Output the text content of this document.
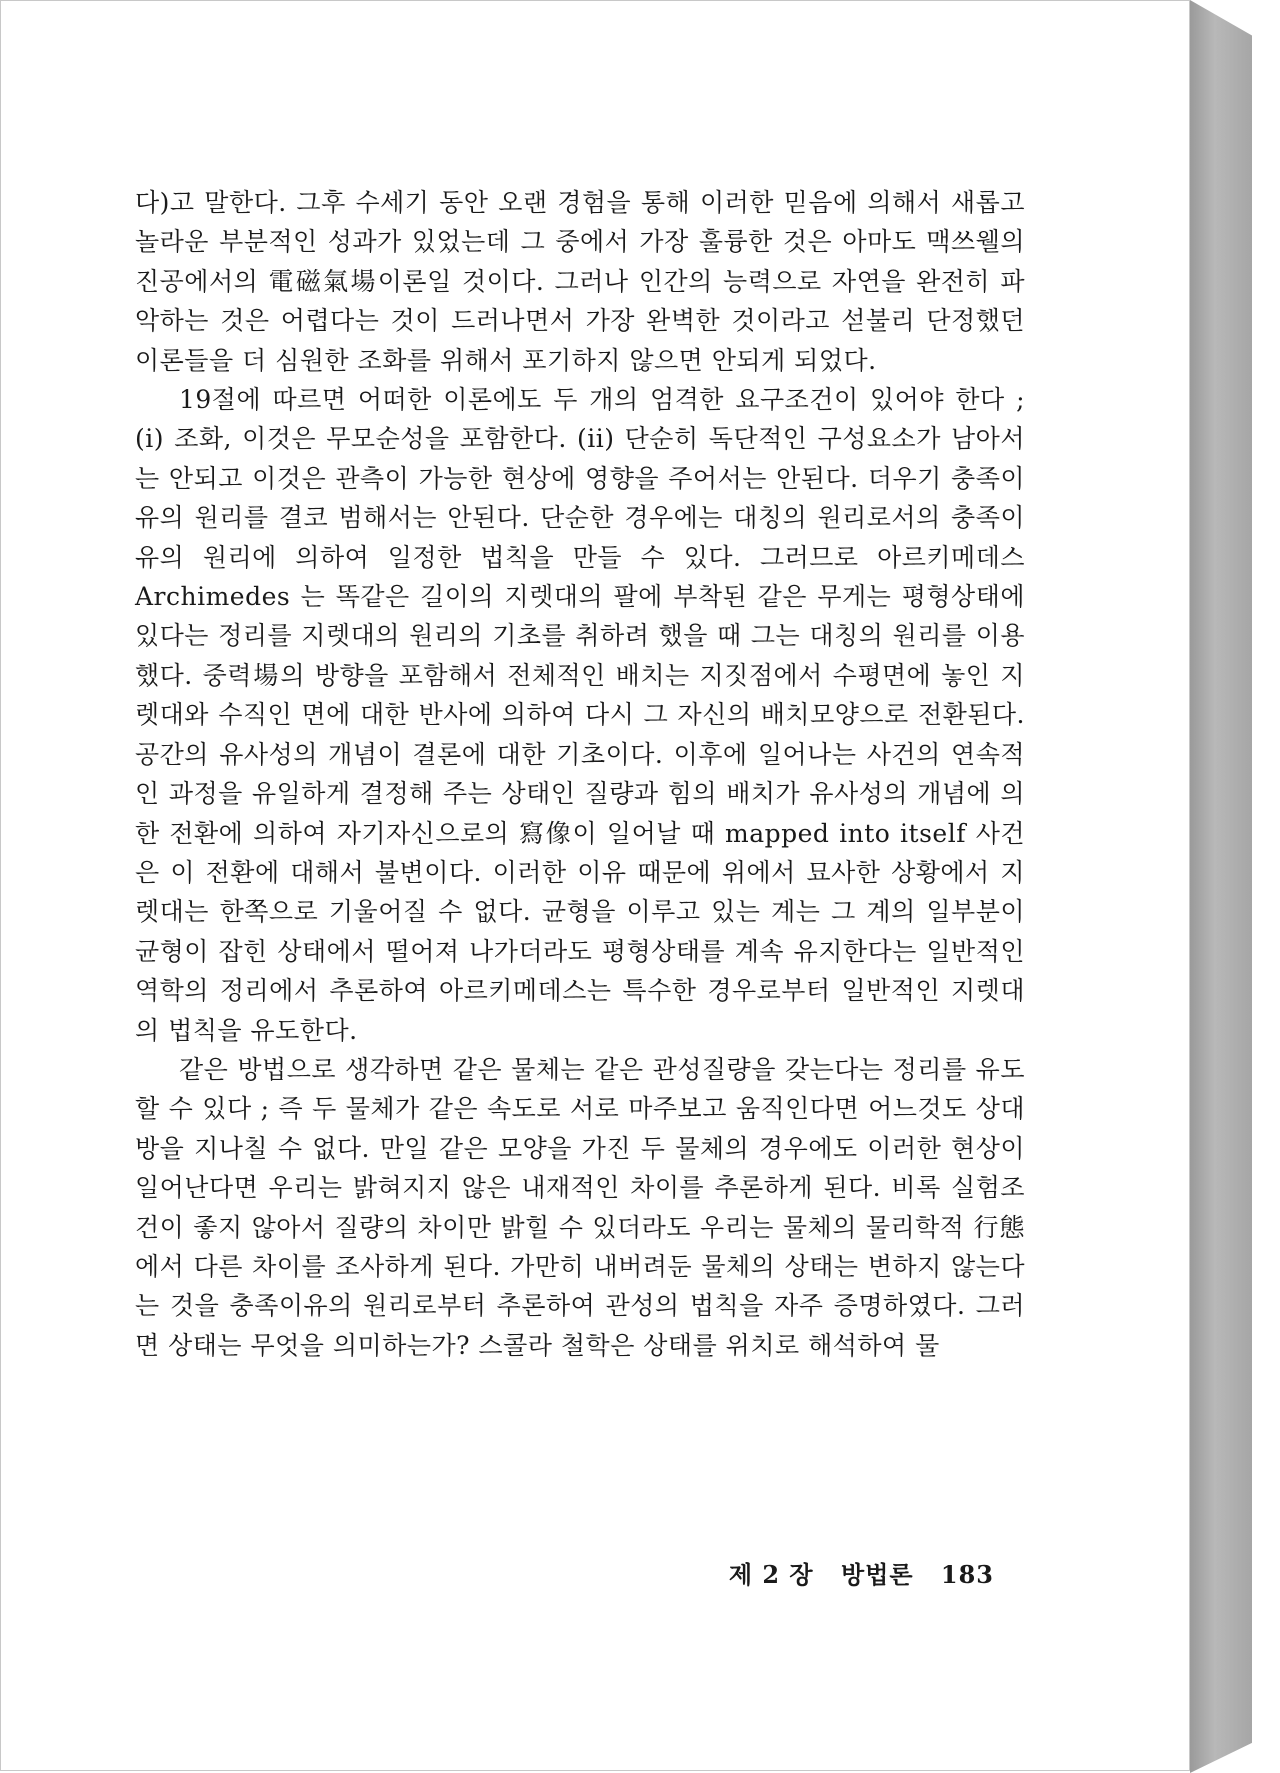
다)고 말한다. 그후 수세기 동안 오랜 경험을 통해 이러한 믿음에 의해서 새롭고 놀라운 부분적인 성과가 있었는데 그 중에서 가장 훌륭한 것은 아마도 맥쓰웰의 진공에서의 電磁氣場이론일 것이다. 그러나 인간의 능력으로 자연을 완전히 파악하는 것은 어렵다는 것이 드러나면서 가장 완벽한 것이라고 섣불리 단정했던 이론들을 더 심원한 조화를 위해서 포기하지 않으면 안되게 되었다.

19절에 따르면 어떠한 이론에도 두 개의 엄격한 요구조건이 있어야 한다 ; (i) 조화, 이것은 무모순성을 포함한다. (ii) 단순히 독단적인 구성요소가 남아서는 안되고 이것은 관측이 가능한 현상에 영향을 주어서는 안된다. 더우기 충족이유의 원리를 결코 범해서는 안된다. 단순한 경우에는 대칭의 원리로서의 충족이유의 원리에 의하여 일정한 법칙을 만들 수 있다. 그러므로 아르키메데스 Archimedes 는 똑같은 길이의 지렛대의 팔에 부착된 같은 무게는 평형상태에 있다는 정리를 지렛대의 원리의 기초를 취하려 했을 때 그는 대칭의 원리를 이용했다. 중력場의 방향을 포함해서 전체적인 배치는 지짓점에서 수평면에 놓인 지렛대와 수직인 면에 대한 반사에 의하여 다시 그 자신의 배치모양으로 전환된다. 공간의 유사성의 개념이 결론에 대한 기초이다. 이후에 일어나는 사건의 연속적인 과정을 유일하게 결정해 주는 상태인 질량과 힘의 배치가 유사성의 개념에 의한 전환에 의하여 자기자신으로의 寫像이 일어날 때 mapped into itself 사건은 이 전환에 대해서 불변이다. 이러한 이유 때문에 위에서 묘사한 상황에서 지렛대는 한쪽으로 기울어질 수 없다. 균형을 이루고 있는 계는 그 계의 일부분이 균형이 잡힌 상태에서 떨어져 나가더라도 평형상태를 계속 유지한다는 일반적인 역학의 정리에서 추론하여 아르키메데스는 특수한 경우로부터 일반적인 지렛대의 법칙을 유도한다.

같은 방법으로 생각하면 같은 물체는 같은 관성질량을 갖는다는 정리를 유도할 수 있다 ; 즉 두 물체가 같은 속도로 서로 마주보고 움직인다면 어느것도 상대방을 지나칠 수 없다. 만일 같은 모양을 가진 두 물체의 경우에도 이러한 현상이 일어난다면 우리는 밝혀지지 않은 내재적인 차이를 추론하게 된다. 비록 실험조건이 좋지 않아서 질량의 차이만 밝힐 수 있더라도 우리는 물체의 물리학적 行態에서 다른 차이를 조사하게 된다. 가만히 내버려둔 물체의 상태는 변하지 않는다는 것을 충족이유의 원리로부터 추론하여 관성의 법칙을 자주 증명하였다. 그러면 상태는 무엇을 의미하는가? 스콜라 철학은 상태를 위치로 해석하여 물

제 2 장 방법론 183
